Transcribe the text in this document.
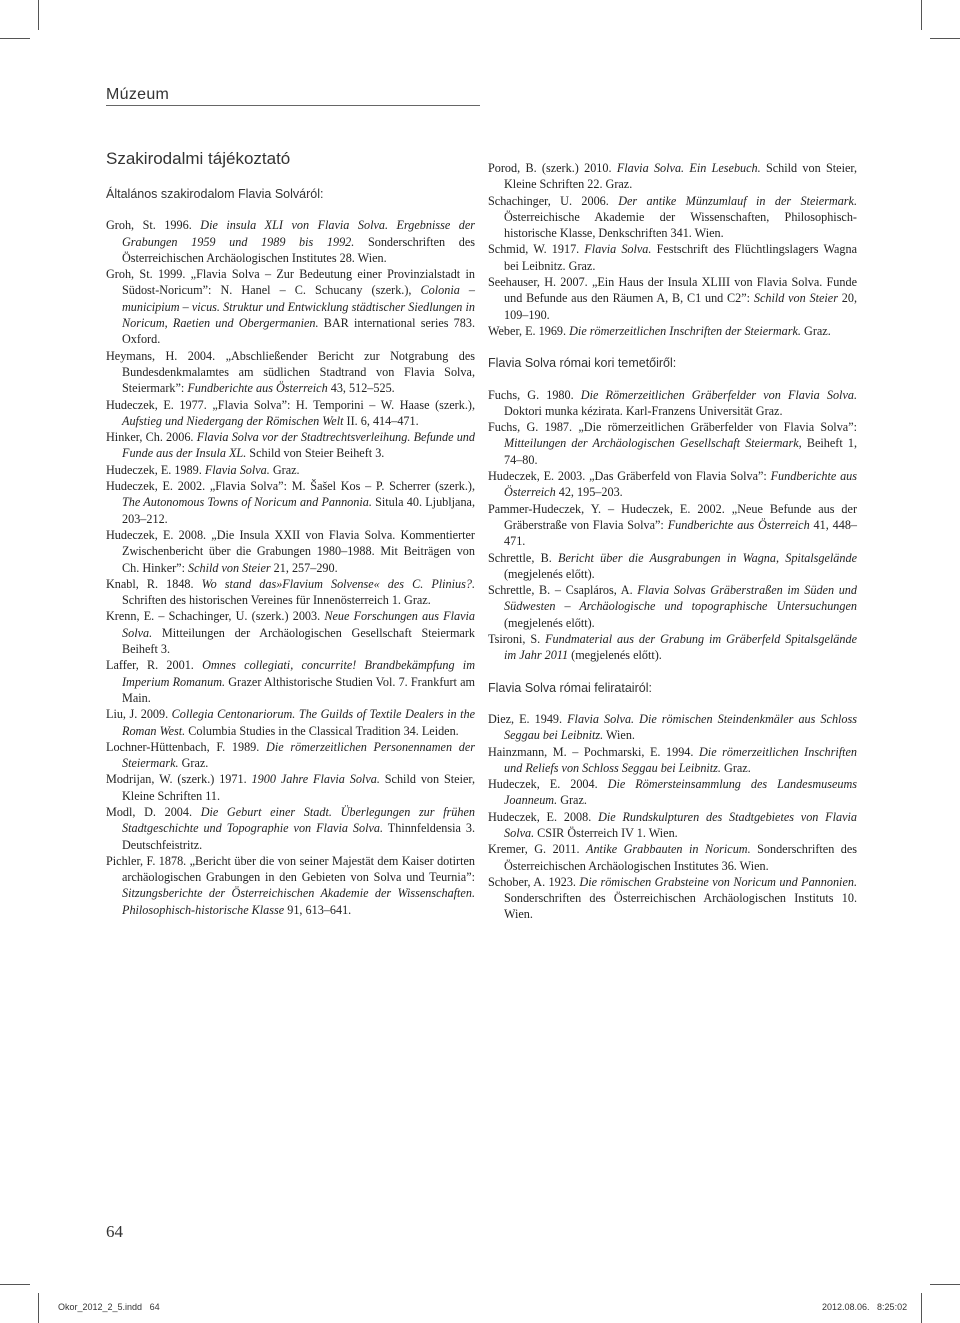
Múzeum
Szakirodalmi tájékoztató
Általános szakirodalom Flavia Solváról:

Groh, St. 1996. Die insula XLI von Flavia Solva. Ergebnisse der Grabungen 1959 und 1989 bis 1992. Sonderschriften des Österreichischen Archäologischen Institutes 28. Wien.

Groh, St. 1999. „Flavia Solva – Zur Bedeutung einer Provinzialstadt in Südost-Noricum”: N. Hanel – C. Schucany (szerk.), Colonia – municipium – vicus. Struktur und Entwicklung städtischer Siedlungen in Noricum, Raetien und Obergermanien. BAR international series 783. Oxford.

Heymans, H. 2004. „Abschließender Bericht zur Notgrabung des Bundesdenkmalamtes am südlichen Stadtrand von Flavia Solva, Steiermark”: Fundberichte aus Österreich 43, 512–525.

Hudeczek, E. 1977. „Flavia Solva”: H. Temporini – W. Haase (szerk.), Aufstieg und Niedergang der Römischen Welt II. 6, 414–471.

Hinker, Ch. 2006. Flavia Solva vor der Stadtrechtsverleihung. Befunde und Funde aus der Insula XL. Schild von Steier Beiheft 3.

Hudeczek, E. 1989. Flavia Solva. Graz.

Hudeczek, E. 2002. „Flavia Solva”: M. Šašel Kos – P. Scherrer (szerk.), The Autonomous Towns of Noricum and Pannonia. Situla 40. Ljubljana, 203–212.

Hudeczek, E. 2008. „Die Insula XXII von Flavia Solva. Kommentierter Zwischenbericht über die Grabungen 1980–1988. Mit Beiträgen von Ch. Hinker”: Schild von Steier 21, 257–290.

Knabl, R. 1848. Wo stand das»Flavium Solvense« des C. Plinius?. Schriften des historischen Vereines für Innenösterreich 1. Graz.

Krenn, E. – Schachinger, U. (szerk.) 2003. Neue Forschungen aus Flavia Solva. Mitteilungen der Archäologischen Gesellschaft Steiermark Beiheft 3.

Laffer, R. 2001. Omnes collegiati, concurrite! Brandbekämpfung im Imperium Romanum. Grazer Althistorische Studien Vol. 7. Frankfurt am Main.

Liu, J. 2009. Collegia Centonariorum. The Guilds of Textile Dealers in the Roman West. Columbia Studies in the Classical Tradition 34. Leiden.

Lochner-Hüttenbach, F. 1989. Die römerzeitlichen Personennamen der Steiermark. Graz.

Modrijan, W. (szerk.) 1971. 1900 Jahre Flavia Solva. Schild von Steier, Kleine Schriften 11.

Modl, D. 2004. Die Geburt einer Stadt. Überlegungen zur frühen Stadtgeschichte und Topographie von Flavia Solva. Thinnfeldensia 3. Deutschfeistritz.

Pichler, F. 1878. „Bericht über die von seiner Majestät dem Kaiser dotirten archäologischen Grabungen in den Gebieten von Solva und Teurnia”: Sitzungsberichte der Österreichischen Akademie der Wissenschaften. Philosophisch-historische Klasse 91, 613–641.

Porod, B. (szerk.) 2010. Flavia Solva. Ein Lesebuch. Schild von Steier, Kleine Schriften 22. Graz.

Schachinger, U. 2006. Der antike Münzumlauf in der Steiermark. Österreichische Akademie der Wissenschaften, Philosophisch-historische Klasse, Denkschriften 341. Wien.

Schmid, W. 1917. Flavia Solva. Festschrift des Flüchtlingslagers Wagna bei Leibnitz. Graz.

Seehauser, H. 2007. „Ein Haus der Insula XLIII von Flavia Solva. Funde und Befunde aus den Räumen A, B, C1 und C2”: Schild von Steier 20, 109–190.

Weber, E. 1969. Die römerzeitlichen Inschriften der Steiermark. Graz.

Flavia Solva római kori temetőiről:

Fuchs, G. 1980. Die Römerzeitlichen Gräberfelder von Flavia Solva. Doktori munka kézirata. Karl-Franzens Universität Graz.

Fuchs, G. 1987. „Die römerzeitlichen Gräberfelder von Flavia Solva”: Mitteilungen der Archäologischen Gesellschaft Steiermark, Beiheft 1, 74–80.

Hudeczek, E. 2003. „Das Gräberfeld von Flavia Solva”: Fundberichte aus Österreich 42, 195–203.

Pammer-Hudeczek, Y. – Hudeczek, E. 2002. „Neue Befunde aus der Gräberstraße von Flavia Solva”: Fundberichte aus Österreich 41, 448–471.

Schrettle, B. Bericht über die Ausgrabungen in Wagna, Spitalsgelände (megjelenés előtt).

Schrettle, B. – Csapláros, A. Flavia Solvas Gräberstraßen im Süden und Südwesten – Archäologische und topographische Untersuchungen (megjelenés előtt).

Tsironi, S. Fundmaterial aus der Grabung im Gräberfeld Spitalsgelände im Jahr 2011 (megjelenés előtt).

Flavia Solva római feliratairól:

Diez, E. 1949. Flavia Solva. Die römischen Steindenkmäler aus Schloss Seggau bei Leibnitz. Wien.

Hainzmann, M. – Pochmarski, E. 1994. Die römerzeitlichen Inschriften und Reliefs von Schloss Seggau bei Leibnitz. Graz.

Hudeczek, E. 2004. Die Römersteinsammlung des Landesmuseums Joanneum. Graz.

Hudeczek, E. 2008. Die Rundskulpturen des Stadtgebietes von Flavia Solva. CSIR Österreich IV 1. Wien.

Kremer, G. 2011. Antike Grabbauten in Noricum. Sonderschriften des Österreichischen Archäologischen Institutes 36. Wien.

Schober, A. 1923. Die römischen Grabsteine von Noricum und Pannonien. Sonderschriften des Österreichischen Archäologischen Instituts 10. Wien.

64
Okor_2012_2_5.indd   64	2012.08.06.   8:25:02
